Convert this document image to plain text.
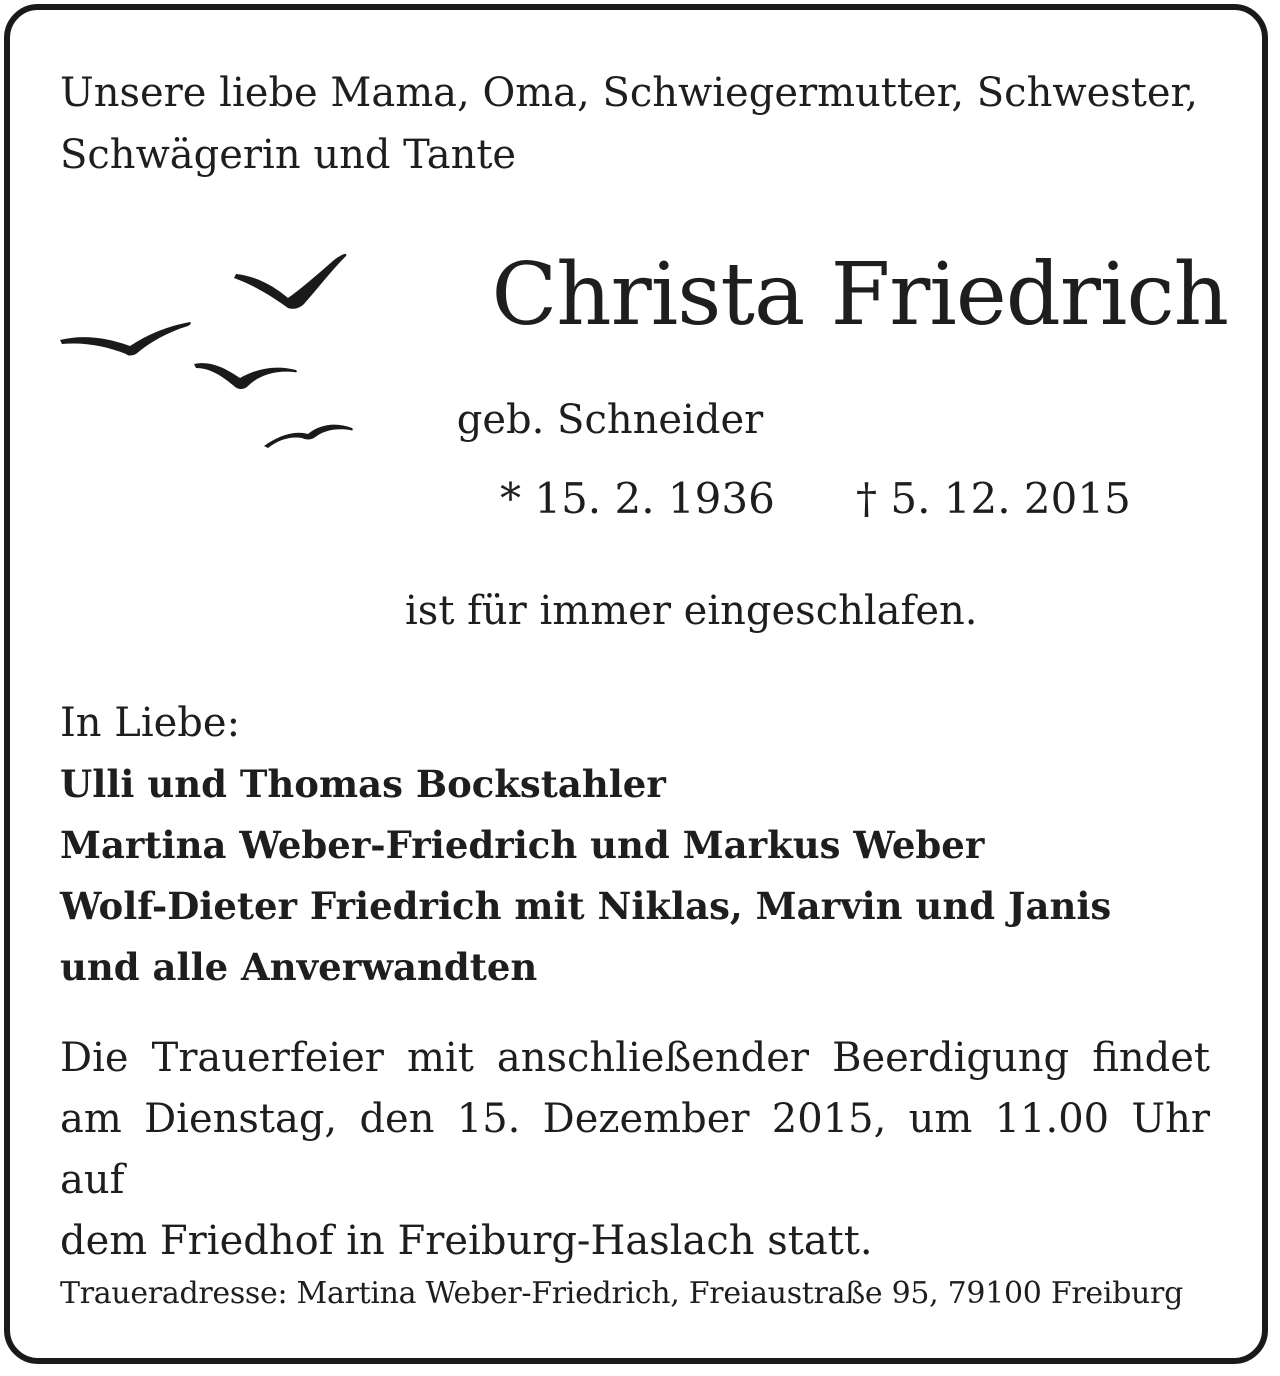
Unsere liebe Mama, Oma, Schwiegermutter, Schwester,
Schwägerin und Tante
Christa Friedrich
geb. Schneider
* 15. 2. 1936 † 5. 12. 2015
ist für immer eingeschlafen.
In Liebe:
Ulli und Thomas Bockstahler
Martina Weber-Friedrich und Markus Weber
Wolf-Dieter Friedrich mit Niklas, Marvin und Janis
und alle Anverwandten
Die Trauerfeier mit anschließender Beerdigung findet
am Dienstag, den 15. Dezember 2015, um 11.00 Uhr auf
dem Friedhof in Freiburg-Haslach statt.
Traueradresse: Martina Weber-Friedrich, Freiaustraße 95, 79100 Freiburg
